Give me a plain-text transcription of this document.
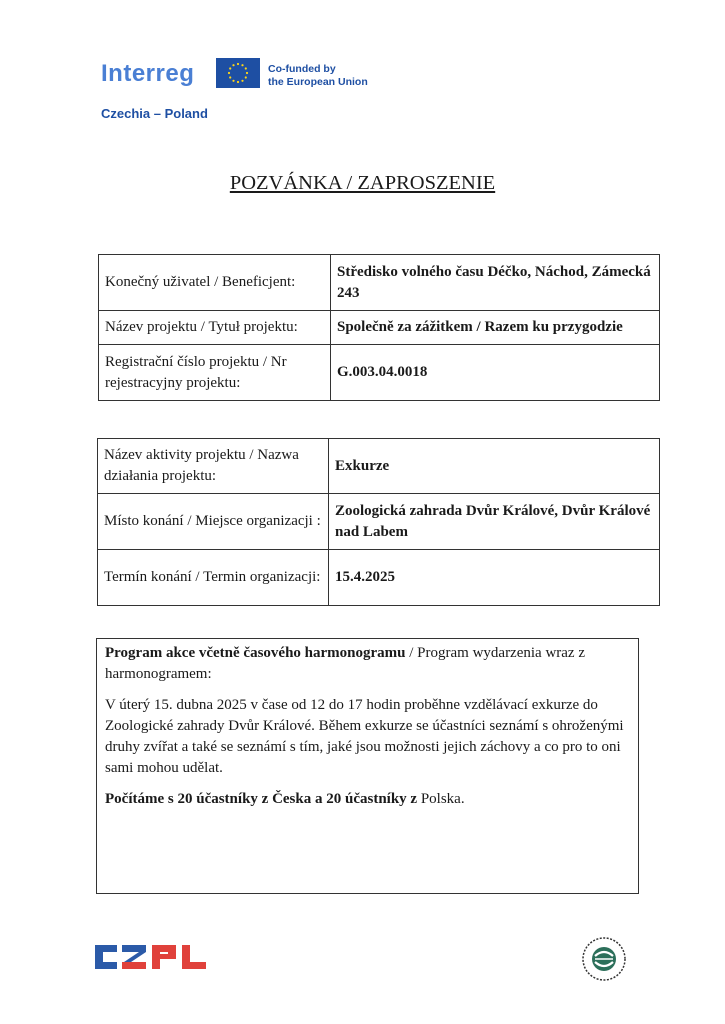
Interreg	Co-funded by
the European Union
Czechia – Poland
POZVÁNKA / ZAPROSZENIE
Konečný uživatel / Beneficjent:	Středisko volného času Déčko, Náchod, Zámecká 243
Název projektu / Tytuł projektu:	Společně za zážitkem / Razem ku przygodzie
Registrační číslo projektu / Nr rejestracyjny projektu:	G.003.04.0018
Název aktivity projektu / Nazwa działania projektu:	Exkurze
Místo konání / Miejsce organizacji :	Zoologická zahrada Dvůr Králové, Dvůr Králové nad Labem
Termín konání / Termin organizacji:	15.4.2025

Program akce včetně časového harmonogramu / Program wydarzenia wraz z harmonogramem:

V úterý 15. dubna 2025 v čase od 12 do 17 hodin proběhne vzdělávací exkurze do Zoologické zahrady Dvůr Králové. Během exkurze se účastníci seznámí s ohroženými druhy zvířat a také se seznámí s tím, jaké jsou možnosti jejich záchovy a co pro to oni sami mohou udělat.

Počítáme s 20 účastníky z Česka a 20 účastníky z Polska.
